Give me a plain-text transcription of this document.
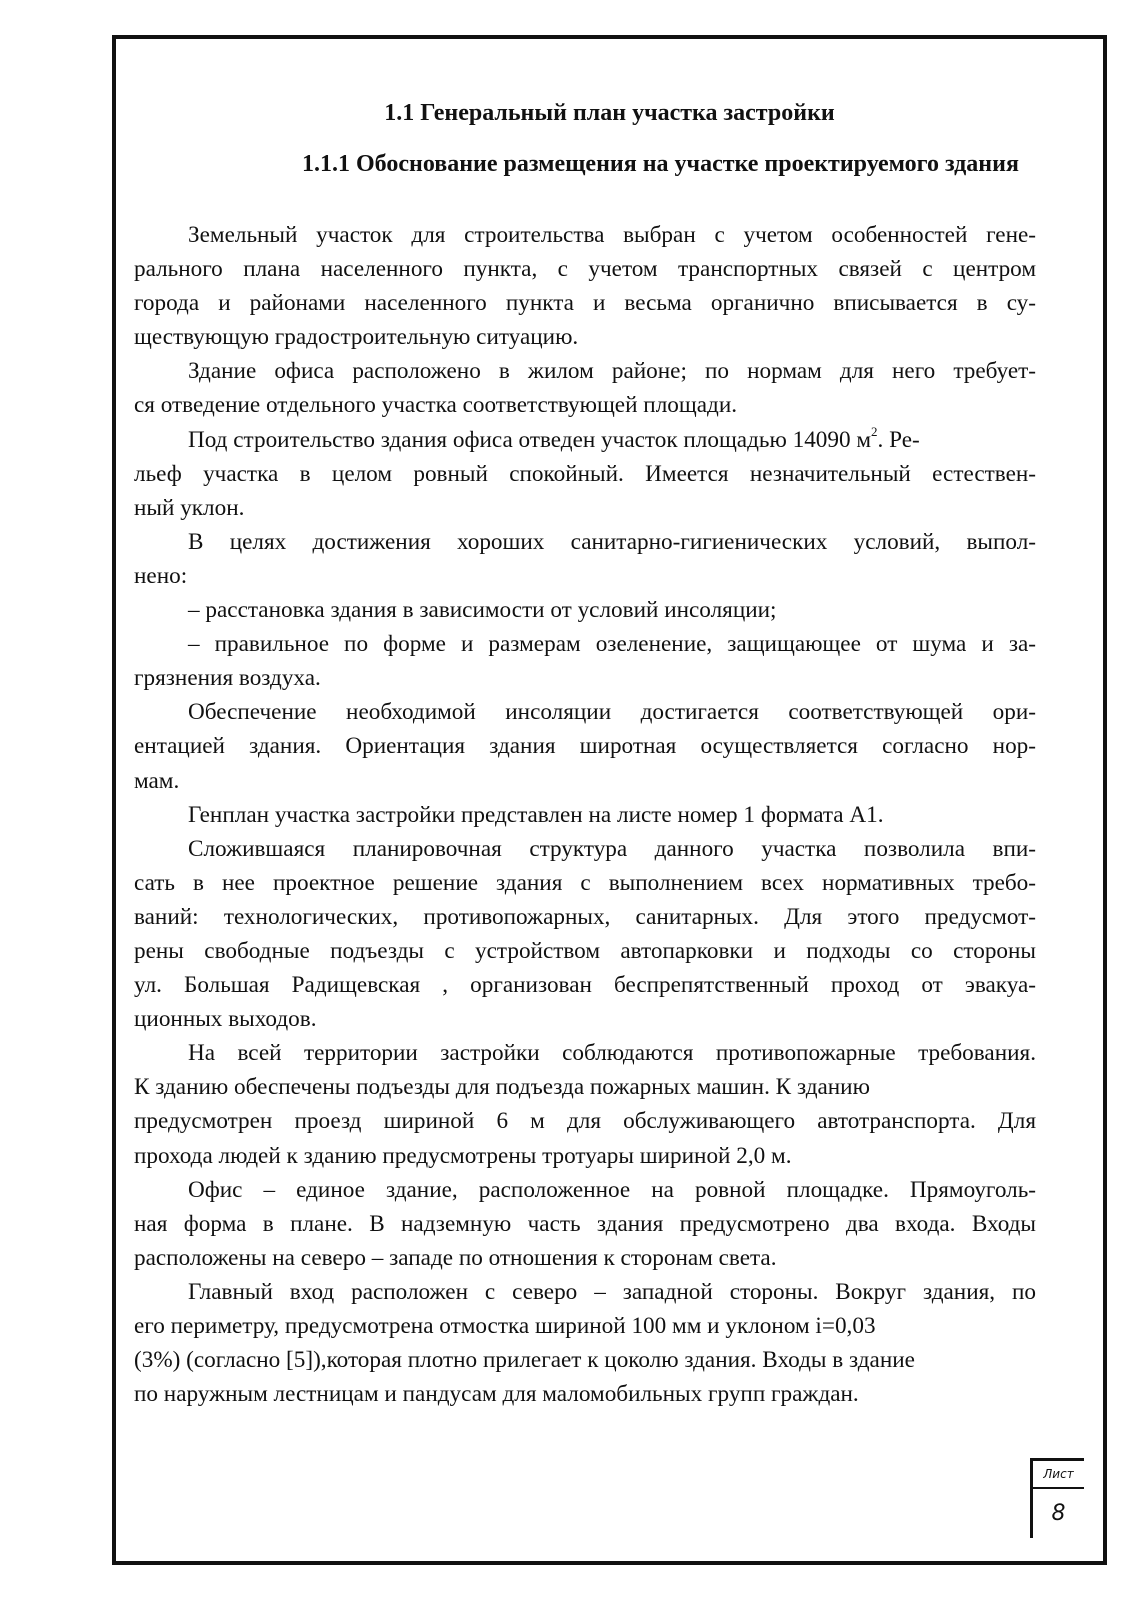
1.1 Генеральный план участка застройки
1.1.1 Обоснование размещения на участке проектируемого здания
Земельный участок для строительства выбран с учетом особенностей гене-
рального плана населенного пункта, с учетом транспортных связей с центром
города и районами населенного пункта и весьма органично вписывается в су-
ществующую градостроительную ситуацию.
Здание офиса расположено в жилом районе; по нормам для него требует-
ся отведение отдельного участка соответствующей площади.
Под строительство здания офиса отведен участок площадью 14090 $м^2$. Ре-
льеф участка в целом ровный спокойный. Имеется незначительный естествен-
ный уклон.
В целях достижения хороших санитарно-гигиенических условий, выпол-
нено:
– расстановка здания в зависимости от условий инсоляции;
– правильное по форме и размерам озеленение, защищающее от шума и за-
грязнения воздуха.
Обеспечение необходимой инсоляции достигается соответствующей ори-
ентацией здания. Ориентация здания широтная осуществляется согласно нор-
мам.
Генплан участка застройки представлен на листе номер 1 формата А1.
Сложившаяся планировочная структура данного участка позволила впи-
сать в нее проектное решение здания с выполнением всех нормативных требо-
ваний: технологических, противопожарных, санитарных. Для этого предусмот-
рены свободные подъезды с устройством автопарковки и подходы со стороны
ул. Большая Радищевская , организован беспрепятственный проход от эвакуа-
ционных выходов.
На всей территории застройки соблюдаются противопожарные требования.
К зданию обеспечены подъезды для подъезда пожарных машин. К зданию
предусмотрен проезд шириной 6 м для обслуживающего автотранспорта. Для
прохода людей к зданию предусмотрены тротуары шириной 2,0 м.
Офис – единое здание, расположенное на ровной площадке. Прямоуголь-
ная форма в плане. В надземную часть здания предусмотрено два входа. Входы
расположены на северо – западе по отношения к сторонам света.
Главный вход расположен с северо – западной стороны. Вокруг здания, по
его периметру, предусмотрена отмостка шириной 100 мм и уклоном i=0,03
(3%) (согласно [5]),которая плотно прилегает к цоколю здания. Входы в здание
по наружным лестницам и пандусам для маломобильных групп граждан.
Лист
8
